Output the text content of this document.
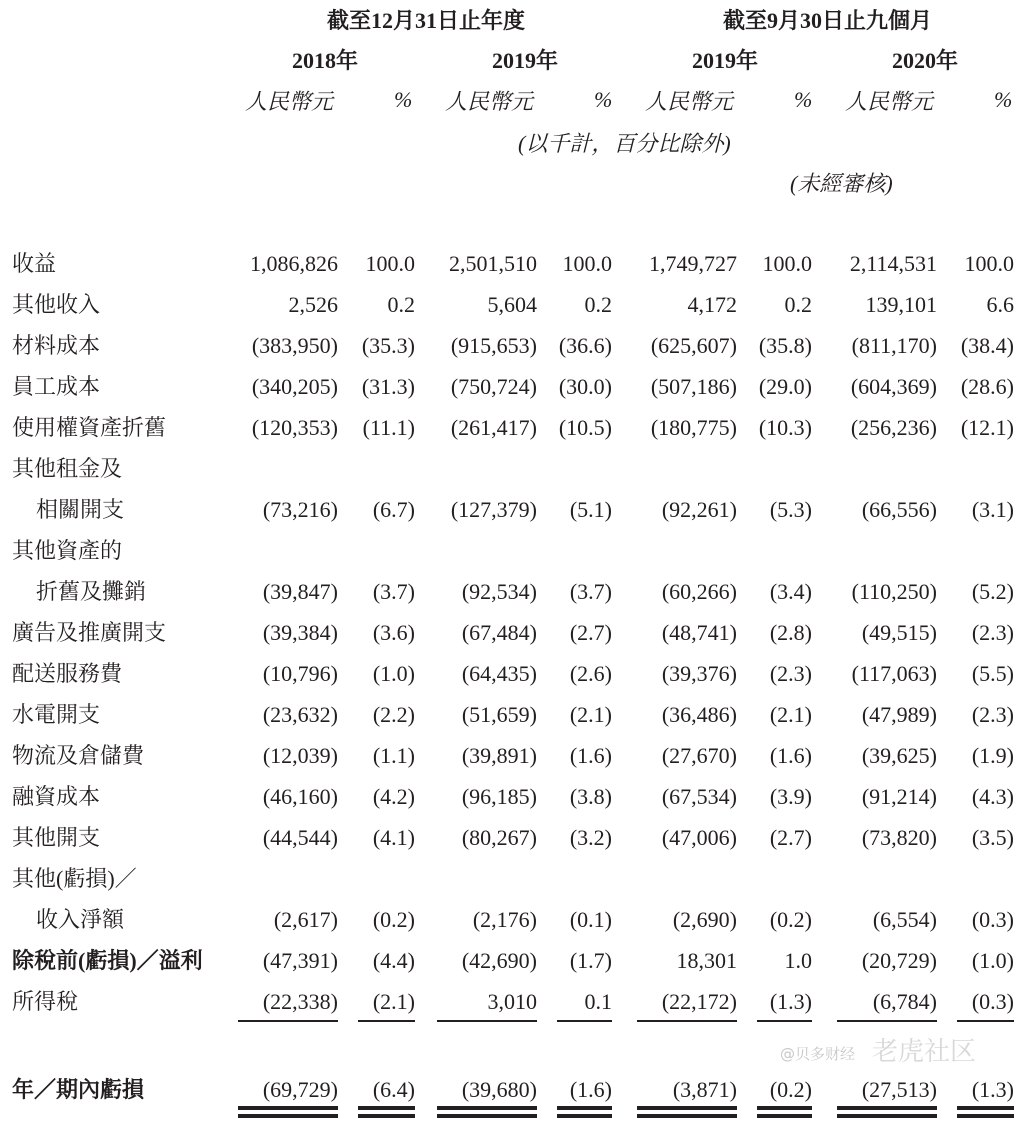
截至12月31日止年度	截至9月30日止九個月
2018年	2019年	2019年	2020年
人民幣元	% 人民幣元	% 人民幣元	% 人民幣元	%
(以千計，百分比除外)
(未經審核)
收益	1,086,826	100.0	2,501,510	100.0	1,749,727	100.0	2,114,531	100.0
其他收入	2,526	0.2	5,604	0.2	4,172	0.2	139,101	6.6
材料成本	(383,950)	(35.3)	(915,653) (36.6)	(625,607) (35.8)	(811,170)	(38.4)
員工成本	(340,205)	(31.3)	(750,724) (30.0)	(507,186) (29.0)	(604,369)	(28.6)
使用權資產折舊	(120,353)	(11.1)	(261,417) (10.5)	(180,775) (10.3)	(256,236)	(12.1)
其他租金及
相關開支	(73,216)	(6.7)	(127,379)	(5.1)	(92,261)	(5.3)	(66,556)	(3.1)
其他資產的
折舊及攤銷	(39,847)	(3.7)	(92,534)	(3.7)	(60,266)	(3.4)	(110,250)	(5.2)
廣告及推廣開支	(39,384)	(3.6)	(67,484)	(2.7)	(48,741)	(2.8)	(49,515)	(2.3)
配送服務費	(10,796)	(1.0)	(64,435)	(2.6)	(39,376)	(2.3)	(117,063)	(5.5)
水電開支	(23,632)	(2.2)	(51,659)	(2.1)	(36,486)	(2.1)	(47,989)	(2.3)
物流及倉儲費	(12,039)	(1.1)	(39,891)	(1.6)	(27,670)	(1.6)	(39,625)	(1.9)
融資成本	(46,160)	(4.2)	(96,185)	(3.8)	(67,534)	(3.9)	(91,214)	(4.3)
其他開支	(44,544)	(4.1)	(80,267)	(3.2)	(47,006)	(2.7)	(73,820)	(3.5)
其他(虧損)／
收入淨額	(2,617)	(0.2)	(2,176)	(0.1)	(2,690)	(0.2)	(6,554)	(0.3)
除稅前(虧損)／溢利	(47,391)	(4.4)	(42,690)	(1.7)	18,301	1.0	(20,729)	(1.0)
所得稅	(22,338)	(2.1)	3,010	0.1	(22,172)	(1.3)	(6,784)	(0.3)
年／期內虧損	(69,729)	(6.4)	(39,680)	(1.6)	(3,871)	(0.2)	(27,513)	(1.3)
@贝多财经 老虎社区
